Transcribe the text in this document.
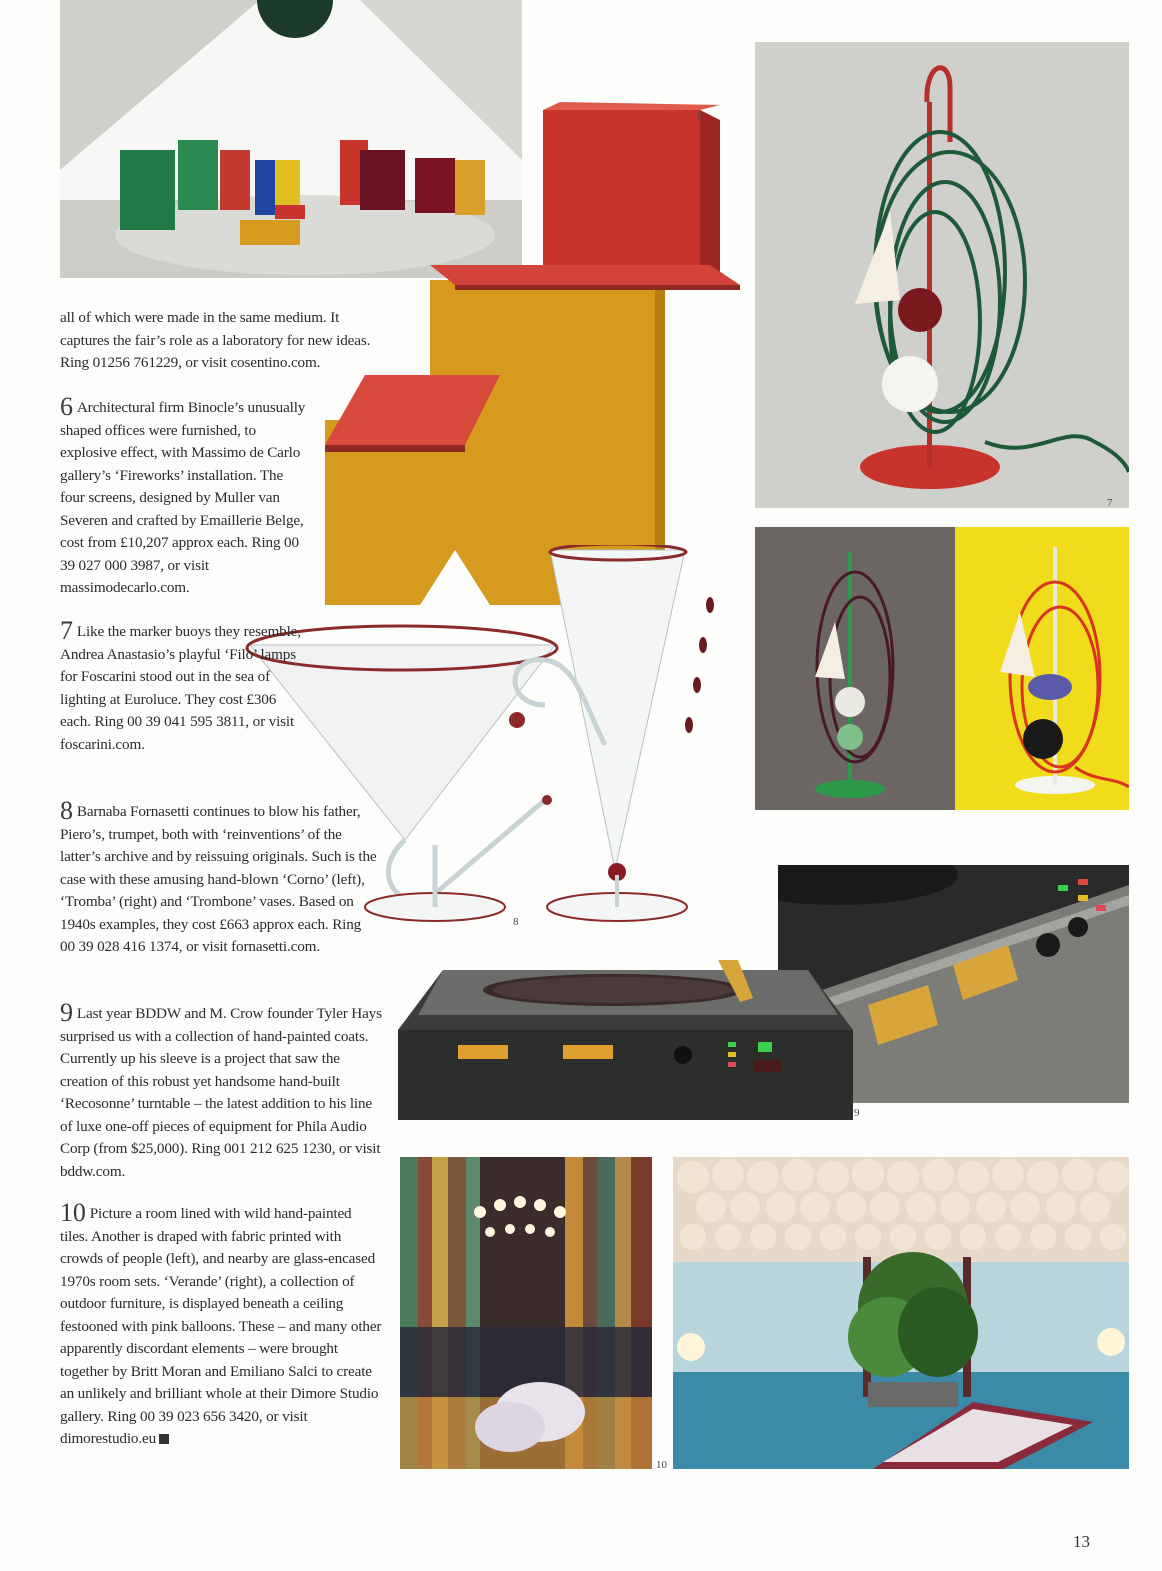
6
7
8
9
10

all of which were made in the same medium. It captures the fair’s role as a laboratory for new ideas. Ring 01256 761229, or visit cosentino.com.

6 Architectural firm Binocle’s unusually shaped offices were furnished, to explosive effect, with Massimo de Carlo gallery’s ‘Fireworks’ installation. The four screens, designed by Muller van Severen and crafted by Emaillerie Belge, cost from £10,207 approx each. Ring 00 39 027 000 3987, or visit massimodecarlo.com.

7 Like the marker buoys they resemble, Andrea Anastasio’s playful ‘Filo’ lamps for Foscarini stood out in the sea of lighting at Euroluce. They cost £306 each. Ring 00 39 041 595 3811, or visit foscarini.com.

8 Barnaba Fornasetti continues to blow his father, Piero’s, trumpet, both with ‘reinventions’ of the latter’s archive and by reissuing originals. Such is the case with these amusing hand-blown ‘Corno’ (left), ‘Tromba’ (right) and ‘Trombone’ vases. Based on 1940s examples, they cost £663 approx each. Ring 00 39 028 416 1374, or visit fornasetti.com.

9 Last year BDDW and M. Crow founder Tyler Hays surprised us with a collection of hand-painted coats. Currently up his sleeve is a project that saw the creation of this robust yet handsome hand-built ‘Recosonne’ turntable – the latest addition to his line of luxe one-off pieces of equipment for Phila Audio Corp (from $25,000). Ring 001 212 625 1230, or visit bddw.com.

10 Picture a room lined with wild hand-painted tiles. Another is draped with fabric printed with crowds of people (left), and nearby are glass-encased 1970s room sets. ‘Verande’ (right), a collection of outdoor furniture, is displayed beneath a ceiling festooned with pink balloons. These – and many other apparently discordant elements – were brought together by Britt Moran and Emiliano Salci to create an unlikely and brilliant whole at their Dimore Studio gallery. Ring 00 39 023 656 3420, or visit dimorestudio.eu

13
